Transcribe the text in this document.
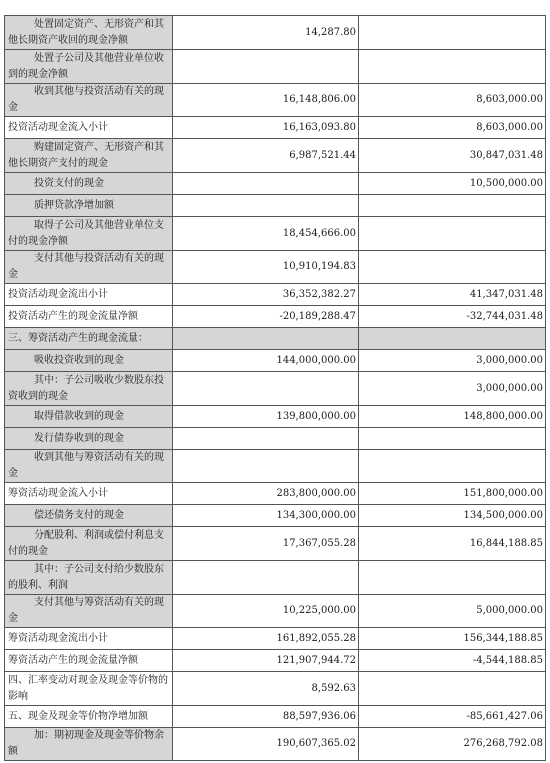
处置固定资产、无形资产和其他长期资产收回的现金净额	14,287.80	
处置子公司及其他营业单位收到的现金净额		
收到其他与投资活动有关的现金	16,148,806.00	8,603,000.00
投资活动现金流入小计	16,163,093.80	8,603,000.00
购建固定资产、无形资产和其他长期资产支付的现金	6,987,521.44	30,847,031.48
投资支付的现金		10,500,000.00
质押贷款净增加额		
取得子公司及其他营业单位支付的现金净额	18,454,666.00	
支付其他与投资活动有关的现金	10,910,194.83	
投资活动现金流出小计	36,352,382.27	41,347,031.48
投资活动产生的现金流量净额	-20,189,288.47	-32,744,031.48
三、筹资活动产生的现金流量：		
吸收投资收到的现金	144,000,000.00	3,000,000.00
其中：子公司吸收少数股东投资收到的现金		3,000,000.00
取得借款收到的现金	139,800,000.00	148,800,000.00
发行债券收到的现金		
收到其他与筹资活动有关的现金		
筹资活动现金流入小计	283,800,000.00	151,800,000.00
偿还债务支付的现金	134,300,000.00	134,500,000.00
分配股利、利润或偿付利息支付的现金	17,367,055.28	16,844,188.85
其中：子公司支付给少数股东的股利、利润		
支付其他与筹资活动有关的现金	10,225,000.00	5,000,000.00
筹资活动现金流出小计	161,892,055.28	156,344,188.85
筹资活动产生的现金流量净额	121,907,944.72	-4,544,188.85
四、汇率变动对现金及现金等价物的影响	8,592.63	
五、现金及现金等价物净增加额	88,597,936.06	-85,661,427.06
加：期初现金及现金等价物余额	190,607,365.02	276,268,792.08
